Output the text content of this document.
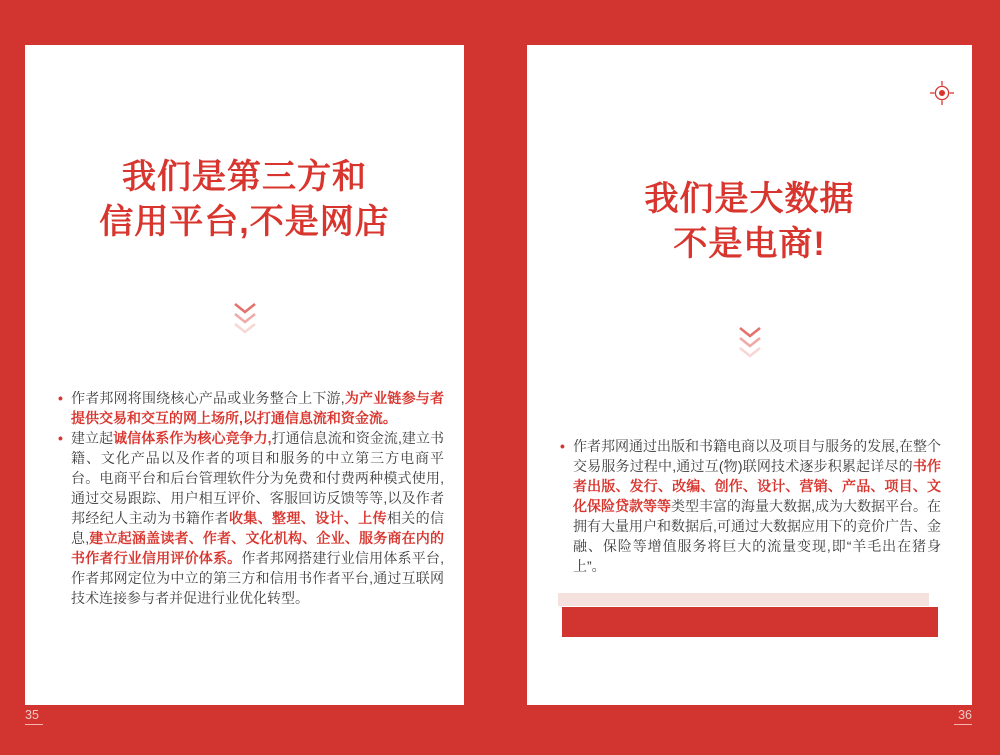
我们是第三方和
信用平台,不是网店
• 作者邦网将围绕核心产品或业务整合上下游,为产业链参与者提供交易和交互的网上场所,以打通信息流和资金流。
• 建立起诚信体系作为核心竞争力,打通信息流和资金流,建立书籍、文化产品以及作者的项目和服务的中立第三方电商平台。电商平台和后台管理软件分为免费和付费两种模式使用,通过交易跟踪、用户相互评价、客服回访反馈等等,以及作者邦经纪人主动为书籍作者收集、整理、设计、上传相关的信息,建立起涵盖读者、作者、文化机构、企业、服务商在内的书作者行业信用评价体系。作者邦网搭建行业信用体系平台,作者邦网定位为中立的第三方和信用书作者平台,通过互联网技术连接参与者并促进行业优化转型。
我们是大数据
不是电商!
• 作者邦网通过出版和书籍电商以及项目与服务的发展,在整个交易服务过程中,通过互(物)联网技术逐步积累起详尽的书作者出版、发行、改编、创作、设计、营销、产品、项目、文化保险贷款等等类型丰富的海量大数据,成为大数据平台。在拥有大量用户和数据后,可通过大数据应用下的竞价广告、金融、保险等增值服务将巨大的流量变现,即“羊毛出在猪身上”。
35	36
